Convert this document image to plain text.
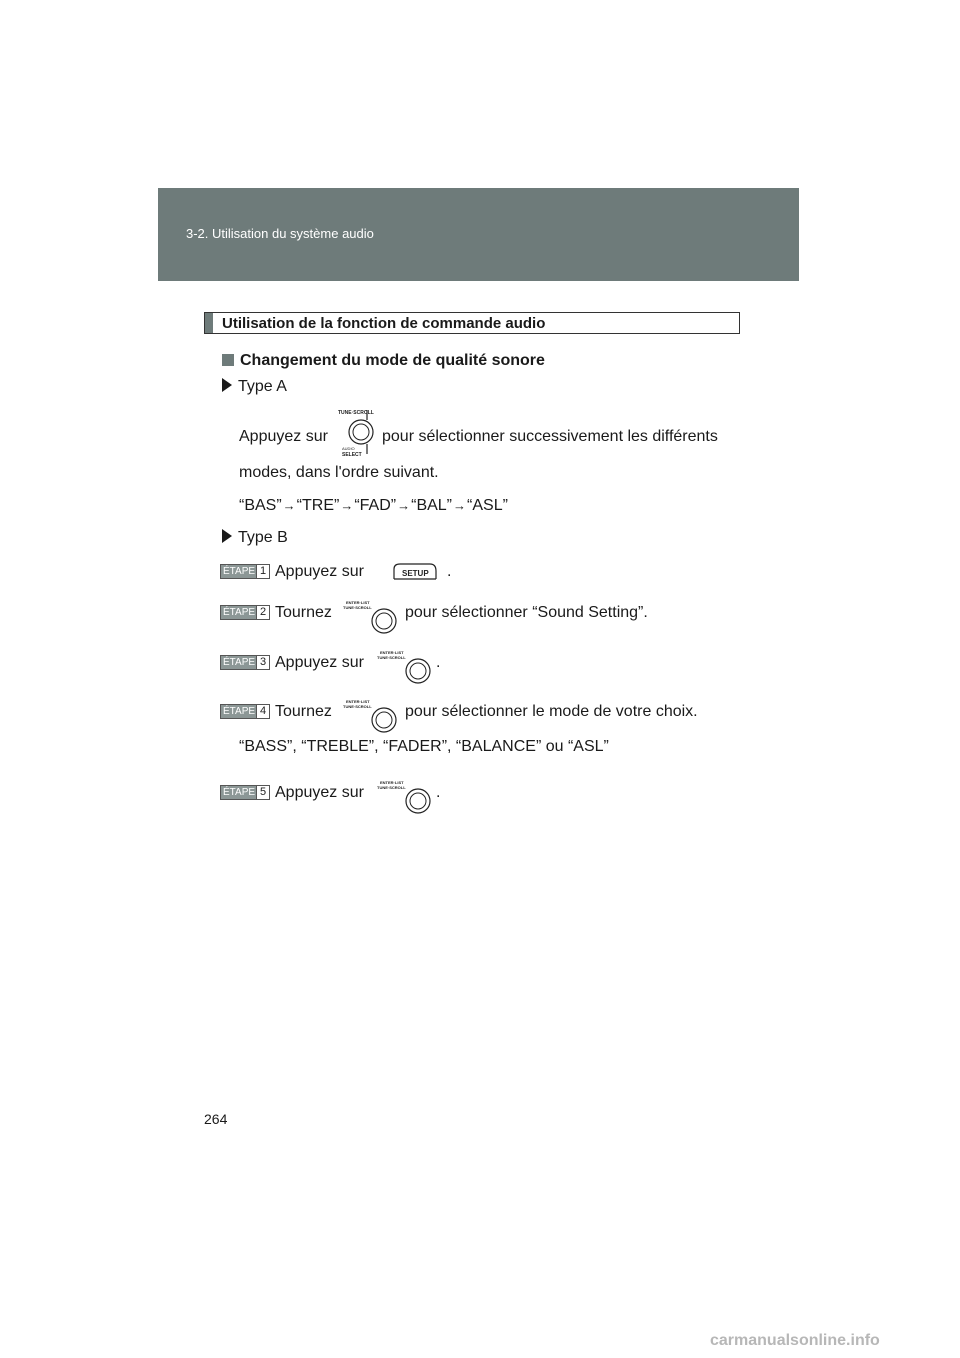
3-2. Utilisation du système audio
Utilisation de la fonction de commande audio
Changement du mode de qualité sonore
Type A
Appuyez sur
TUNE·SCROLL
AUDIO
SELECT
pour sélectionner successivement les différents
modes, dans l'ordre suivant.
“BAS”→“TRE”→“FAD”→“BAL”→“ASL”
Type B
ÉTAPE 1 Appuyez sur	SETUP .
ÉTAPE 2 Tournez
ENTER·LIST
TUNE·SCROLL pour sélectionner “Sound Setting”.
ÉTAPE 3 Appuyez sur
ENTER·LIST
TUNE·SCROLL .
ÉTAPE 4 Tournez
ENTER·LIST
TUNE·SCROLL pour sélectionner le mode de votre choix.
“BASS”, “TREBLE”, “FADER”, “BALANCE” ou “ASL”
ÉTAPE 5 Appuyez sur
ENTER·LIST
TUNE·SCROLL .
264
carmanualsonline.info
